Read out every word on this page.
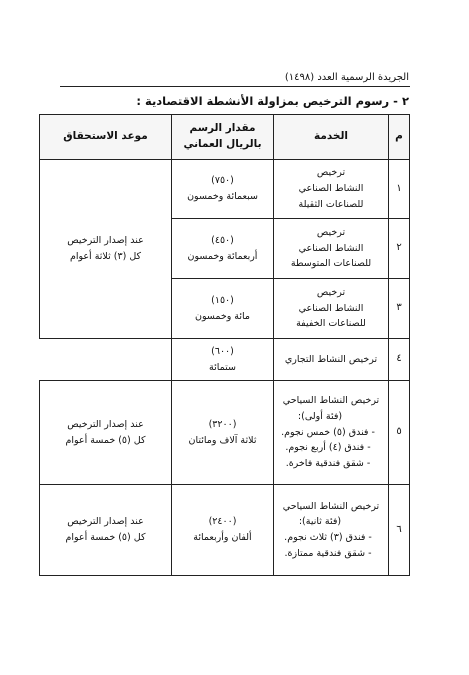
الجريدة الرسمية العدد (١٤٩٨)
٢ - رسوم الترخيص بمزاولة الأنشطة الاقتصادية :
م	الخدمة	مقدار الرسم
بالريال العماني	موعد الاستحقاق
١	ترخيص
النشاط الصناعي
للصناعات الثقيلة	(٧٥٠)
سبعمائة وخمسون	عند إصدار الترخيص
كل (٣) ثلاثة أعوام

٢	ترخيص
النشاط الصناعي
للصناعات المتوسطة	(٤٥٠)
أربعمائة وخمسون	

٣	ترخيص
النشاط الصناعي
للصناعات الخفيفة	(١٥٠)
مائة وخمسون	

٤	ترخيص النشاط التجاري	(٦٠٠)
ستمائة	

٥	ترخيص النشاط السياحي
(فئة أولى):
- فندق (٥) خمس نجوم.
- فندق (٤) أربع نجوم.
- شقق فندقية فاخرة.	(٣٢٠٠)
ثلاثة آلاف ومائتان	عند إصدار الترخيص
كل (٥) خمسة أعوام

٦	ترخيص النشاط السياحي
(فئة ثانية):
- فندق (٣) ثلاث نجوم.
- شقق فندقية ممتازة.	(٢٤٠٠)
ألفان وأربعمائة	عند إصدار الترخيص
كل (٥) خمسة أعوام
